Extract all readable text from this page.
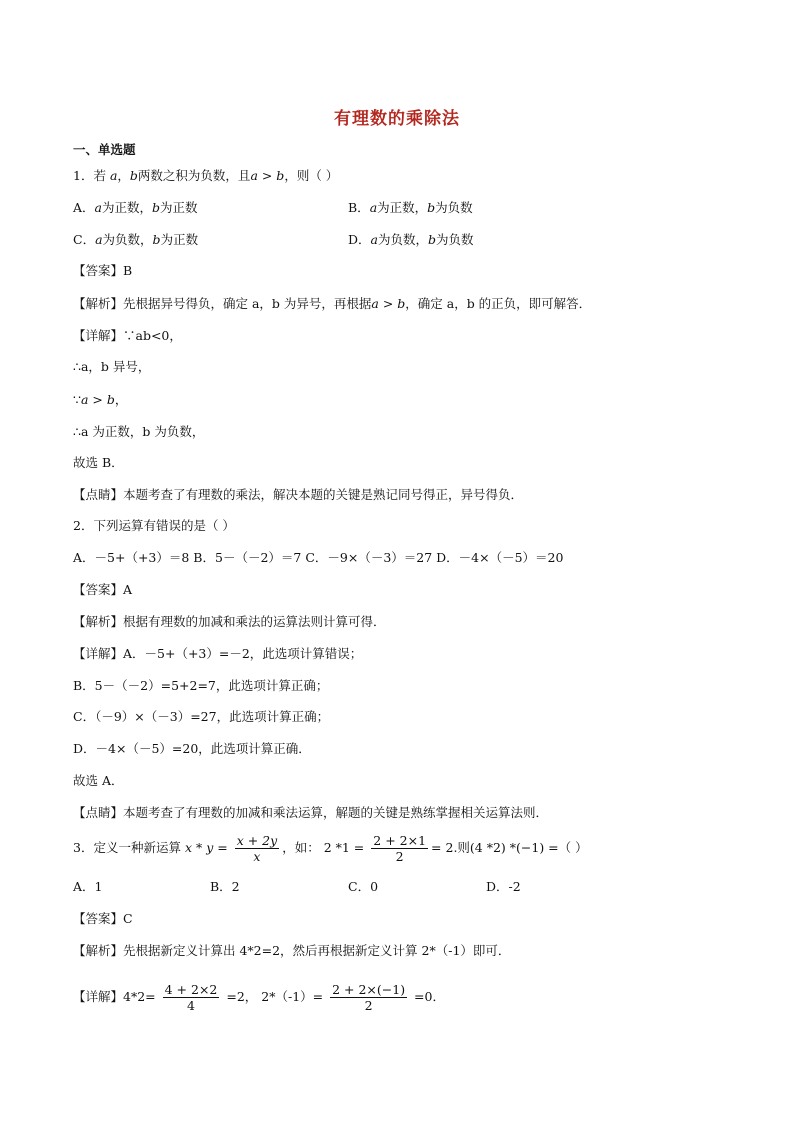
有理数的乘除法
一、单选题
1．若 a，b两数之积为负数，且a > b，则（ ）
A．a为正数，b为正数	B．a为正数，b为负数
C．a为负数，b为正数	D．a为负数，b为负数
【答案】B
【解析】先根据异号得负，确定 a，b 为异号，再根据a > b，确定 a，b 的正负，即可解答．
【详解】∵ab<0，
∴a，b 异号，
∵a > b，
∴a 为正数，b 为负数，
故选 B．
【点睛】本题考查了有理数的乘法，解决本题的关键是熟记同号得正，异号得负．
2．下列运算有错误的是（ ）
A．－5+（+3）＝8 B．5－（－2）＝7 C．－9×（－3）＝27 D．－4×（－5）＝20
【答案】A
【解析】根据有理数的加减和乘法的运算法则计算可得．
【详解】A．－5+（+3）=－2，此选项计算错误；
B．5－（－2）=5+2=7，此选项计算正确；
C．（－9）×（－3）=27，此选项计算正确；
D．－4×（－5）=20，此选项计算正确．
故选 A．
【点睛】本题考查了有理数的加减和乘法运算，解题的关键是熟练掌握相关运算法则．
3．定义一种新运算 $x * y = \frac{x + 2y}{x}$ ，如： 2 $*1 = \frac{2 + 2\times 1}{2} = 2$.则(4 *2) *(−1) =（ ）
A．1	B．2	C．0	D．-2
【答案】C
【解析】先根据新定义计算出 4*2=2，然后再根据新定义计算 2*（-1）即可．
【详解】$4*2= \frac{4 + 2\times 2}{4} =2$， $2*(-1)= \frac{2 + 2\times(-1)}{2} =0$．
